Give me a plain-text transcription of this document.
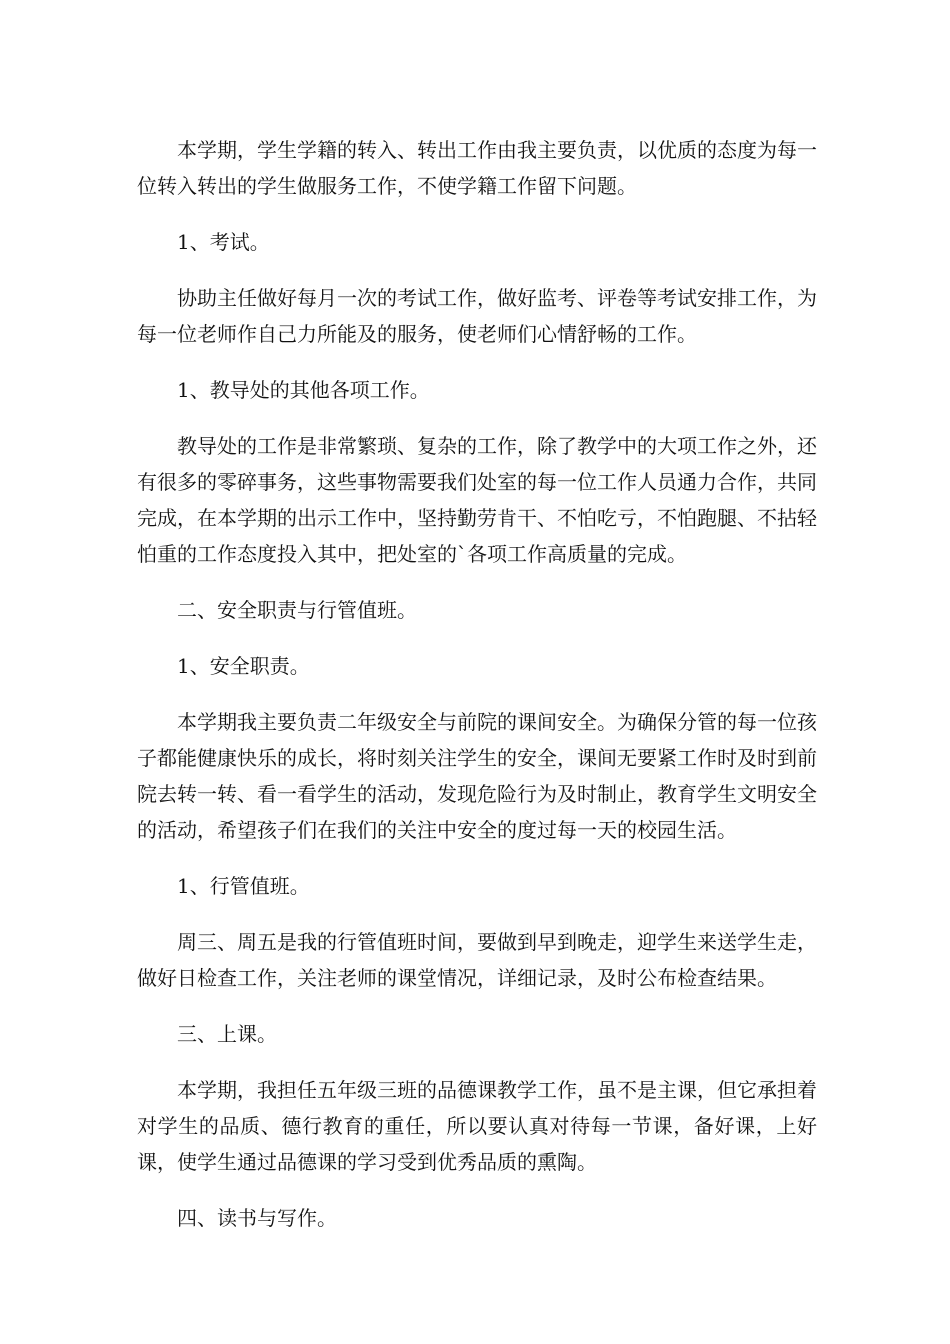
本学期，学生学籍的转入、转出工作由我主要负责，以优质的态度为每一位转入转出的学生做服务工作，不使学籍工作留下问题。

1、考试。

协助主任做好每月一次的考试工作，做好监考、评卷等考试安排工作，为每一位老师作自己力所能及的服务，使老师们心情舒畅的工作。

1、教导处的其他各项工作。

教导处的工作是非常繁琐、复杂的工作，除了教学中的大项工作之外，还有很多的零碎事务，这些事物需要我们处室的每一位工作人员通力合作，共同完成，在本学期的出示工作中，坚持勤劳肯干、不怕吃亏，不怕跑腿、不拈轻怕重的工作态度投入其中，把处室的`各项工作高质量的完成。

二、安全职责与行管值班。

1、安全职责。

本学期我主要负责二年级安全与前院的课间安全。为确保分管的每一位孩子都能健康快乐的成长，将时刻关注学生的安全，课间无要紧工作时及时到前院去转一转、看一看学生的活动，发现危险行为及时制止，教育学生文明安全的活动，希望孩子们在我们的关注中安全的度过每一天的校园生活。

1、行管值班。

周三、周五是我的行管值班时间，要做到早到晚走，迎学生来送学生走，做好日检查工作，关注老师的课堂情况，详细记录，及时公布检查结果。

三、上课。

本学期，我担任五年级三班的品德课教学工作，虽不是主课，但它承担着对学生的品质、德行教育的重任，所以要认真对待每一节课，备好课，上好课，使学生通过品德课的学习受到优秀品质的熏陶。

四、读书与写作。
